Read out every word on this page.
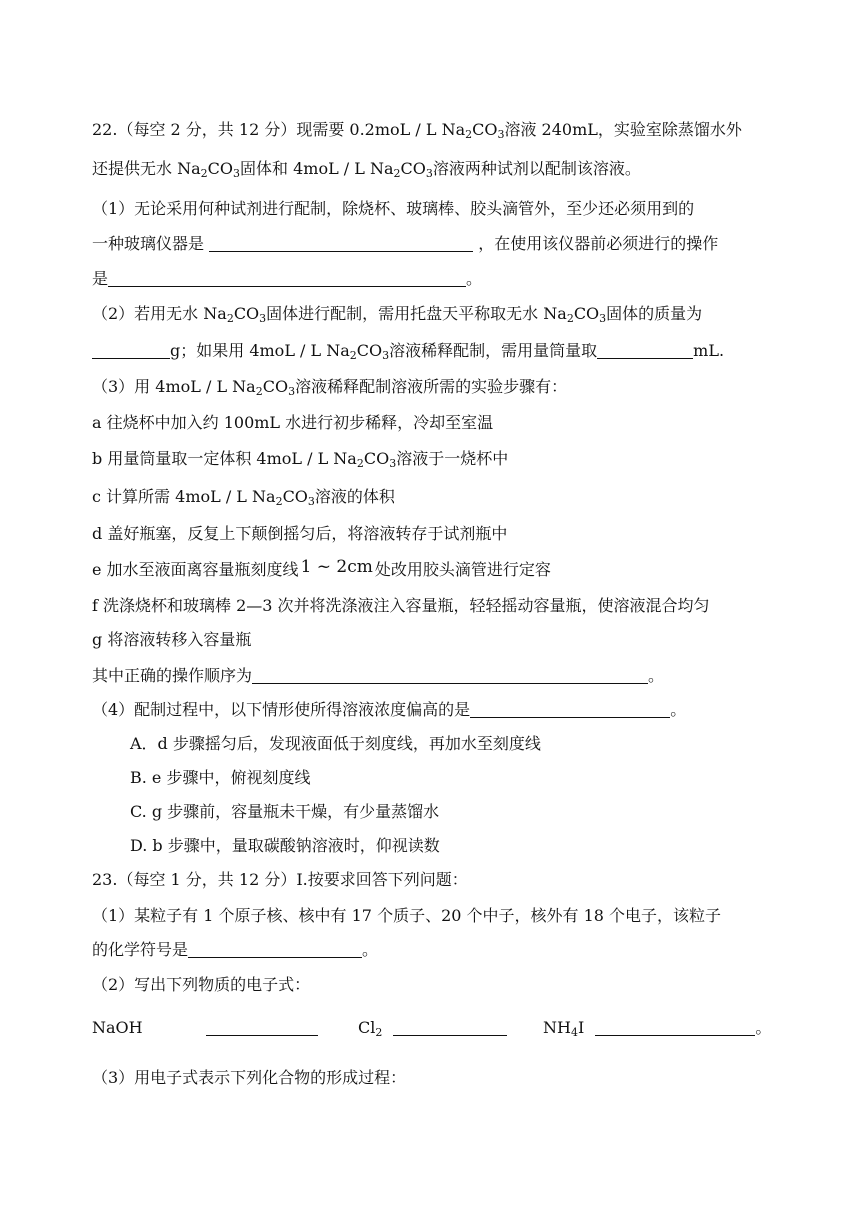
22.（每空 2 分，共 12 分）现需要 0.2moL / L $Na_2CO_3$溶液 240mL，实验室除蒸馏水外
还提供无水 $Na_2CO_3$固体和 4moL / L $Na_2CO_3$溶液两种试剂以配制该溶液。
（1）无论采用何种试剂进行配制，除烧杯、玻璃棒、胶头滴管外，至少还必须用到的
一种玻璃仪器是	，在使用该仪器前必须进行的操作
是	。
（2）若用无水 $Na_2CO_3$固体进行配制，需用托盘天平称取无水 $Na_2CO_3$固体的质量为
g；如果用 4moL / L $Na_2CO_3$溶液稀释配制，需用量筒量取	mL.
（3）用 4moL / L $Na_2CO_3$溶液稀释配制溶液所需的实验步骤有：
a 往烧杯中加入约 100mL 水进行初步稀释，冷却至室温
b 用量筒量取一定体积 4moL / L $Na_2CO_3$溶液于一烧杯中
c 计算所需 4moL / L $Na_2CO_3$溶液的体积
d 盖好瓶塞，反复上下颠倒摇匀后，将溶液转存于试剂瓶中
e 加水至液面离容量瓶刻度线 1 ~ 2cm 处改用胶头滴管进行定容
f 洗涤烧杯和玻璃棒 2—3 次并将洗涤液注入容量瓶，轻轻摇动容量瓶，使溶液混合均匀
g 将溶液转移入容量瓶
其中正确的操作顺序为	。
（4）配制过程中，以下情形使所得溶液浓度偏高的是	。
A．d 步骤摇匀后，发现液面低于刻度线，再加水至刻度线
B. e 步骤中，俯视刻度线
C. g 步骤前，容量瓶未干燥，有少量蒸馏水
D. b 步骤中，量取碳酸钠溶液时，仰视读数
23.（每空 1 分，共 12 分）Ⅰ.按要求回答下列问题：
（1）某粒子有 1 个原子核、核中有 17 个质子、20 个中子，核外有 18 个电子，该粒子
的化学符号是	。
（2）写出下列物质的电子式：
NaOH	$Cl_2$	$NH_4I$	。
（3）用电子式表示下列化合物的形成过程：
